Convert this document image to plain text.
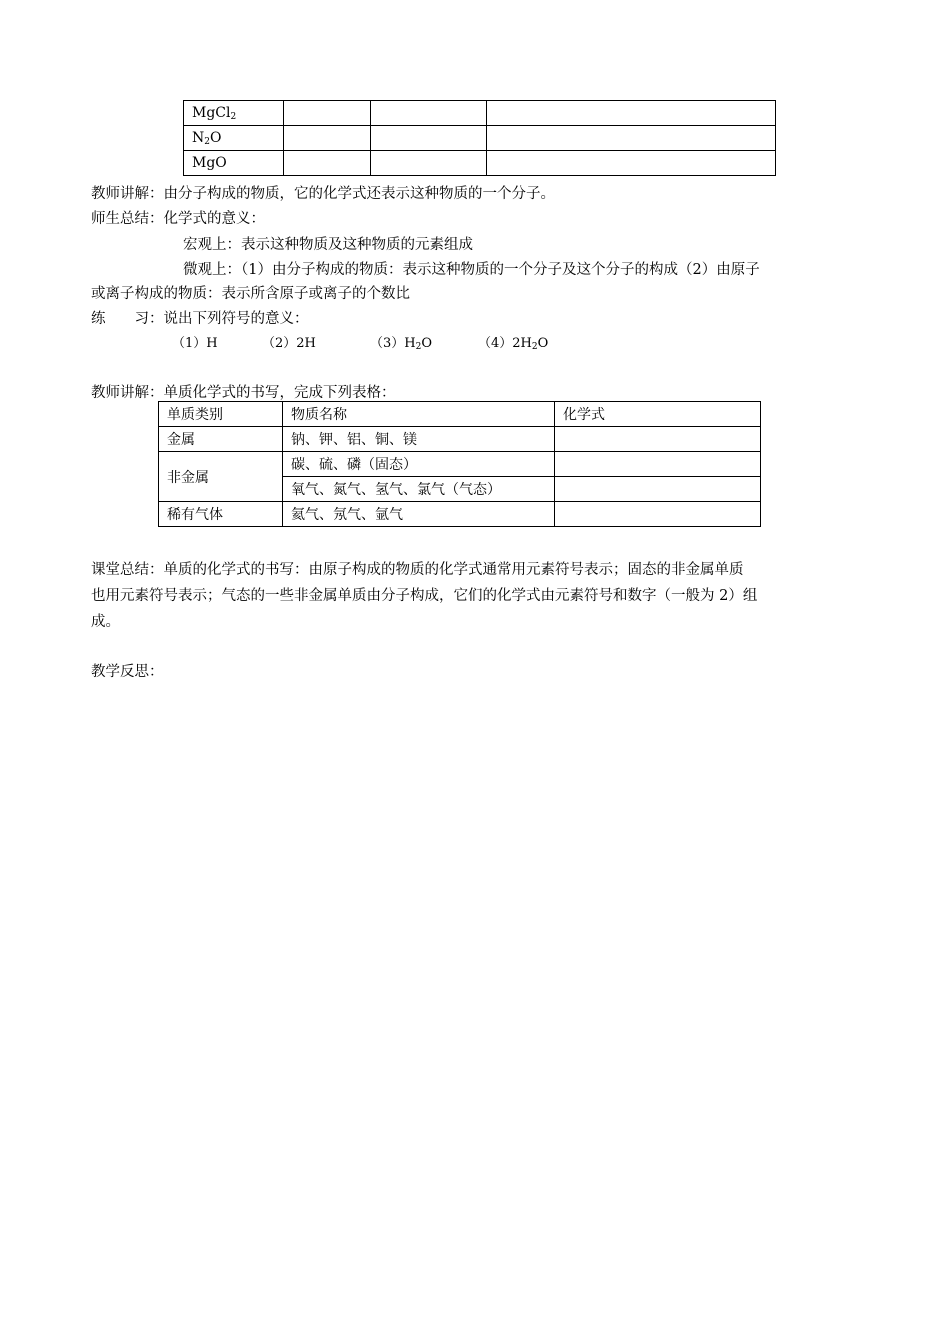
MgCl$_2$			
$N_2O$			
MgO			
教师讲解：由分子构成的物质，它的化学式还表示这种物质的一个分子。
师生总结：化学式的意义：
宏观上：表示这种物质及这种物质的元素组成
微观上：（1）由分子构成的物质：表示这种物质的一个分子及这个分子的构成（2）由原子
或离子构成的物质：表示所含原子或离子的个数比
练　　习：说出下列符号的意义：
（1）H	（2）2H	$(3)H_2O$	$(4)2H_2O$
教师讲解：单质化学式的书写，完成下列表格：
单质类别	物质名称	化学式
金属	钠、钾、铝、铜、镁	
非金属	碳、硫、磷（固态）	
	氧气、氮气、氢气、氯气（气态）	
稀有气体	氦气、氖气、氩气	
课堂总结：单质的化学式的书写：由原子构成的物质的化学式通常用元素符号表示；固态的非金属单质
也用元素符号表示；气态的一些非金属单质由分子构成，它们的化学式由元素符号和数字（一般为 2）组
成。
教学反思：
